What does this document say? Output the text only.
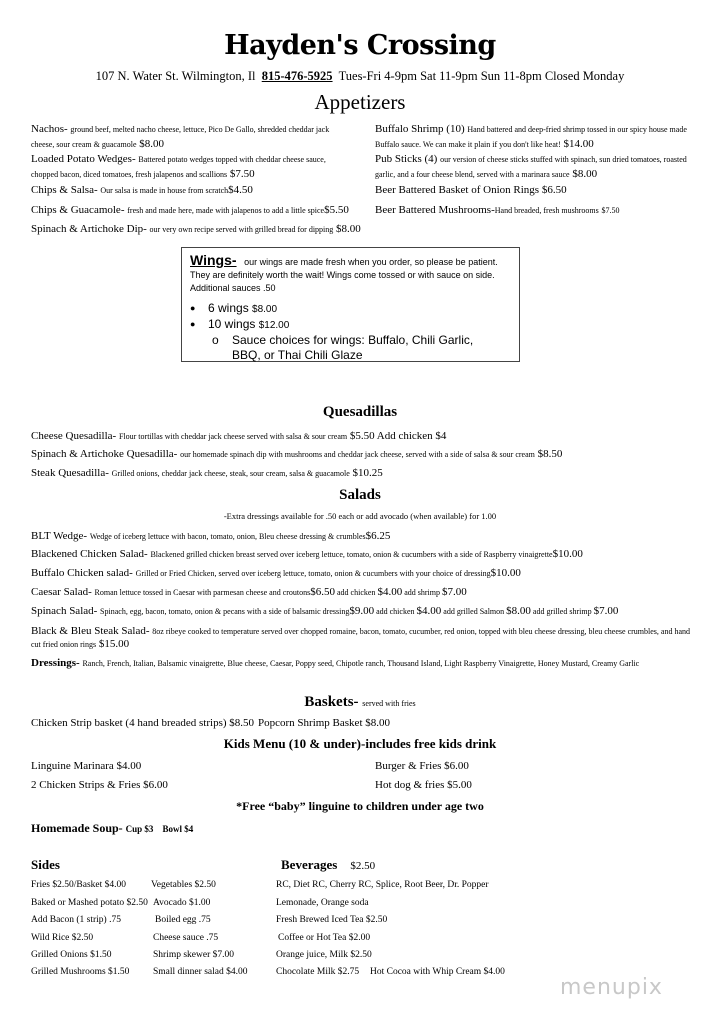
Hayden's Crossing
107 N. Water St. Wilmington, Il 815-476-5925 Tues-Fri 4-9pm Sat 11-9pm Sun 11-8pm Closed Monday
Appetizers
Nachos- ground beef, melted nacho cheese, lettuce, Pico De Gallo, shredded cheddar jack cheese, sour cream & guacamole $8.00
Loaded Potato Wedges- Battered potato wedges topped with cheddar cheese sauce, chopped bacon, diced tomatoes, fresh jalapenos and scallions $7.50
Chips & Salsa- Our salsa is made in house from scratch$4.50
Chips & Guacamole- fresh and made here, made with jalapenos to add a little spice$5.50
Spinach & Artichoke Dip- our very own recipe served with grilled bread for dipping $8.00
Buffalo Shrimp (10) Hand battered and deep-fried shrimp tossed in our spicy house made Buffalo sauce. We can make it plain if you don't like heat! $14.00
Pub Sticks (4) our version of cheese sticks stuffed with spinach, sun dried tomatoes, roasted garlic, and a four cheese blend, served with a marinara sauce $8.00
Beer Battered Basket of Onion Rings $6.50
Beer Battered Mushrooms-Hand breaded, fresh mushrooms $7.50
Wings- our wings are made fresh when you order, so please be patient. They are definitely worth the wait! Wings come tossed or with sauce on side. Additional sauces .50
● 6 wings $8.00
● 10 wings $12.00
o Sauce choices for wings: Buffalo, Chili Garlic, BBQ, or Thai Chili Glaze
Quesadillas
Cheese Quesadilla- Flour tortillas with cheddar jack cheese served with salsa & sour cream $5.50 Add chicken $4
Spinach & Artichoke Quesadilla- our homemade spinach dip with mushrooms and cheddar jack cheese, served with a side of salsa & sour cream $8.50
Steak Quesadilla- Grilled onions, cheddar jack cheese, steak, sour cream, salsa & guacamole $10.25
Salads
-Extra dressings available for .50 each or add avocado (when available) for 1.00
BLT Wedge- Wedge of iceberg lettuce with bacon, tomato, onion, Bleu cheese dressing & crumbles$6.25
Blackened Chicken Salad- Blackened grilled chicken breast served over iceberg lettuce, tomato, onion & cucumbers with a side of Raspberry vinaigrette$10.00
Buffalo Chicken salad- Grilled or Fried Chicken, served over iceberg lettuce, tomato, onion & cucumbers with your choice of dressing$10.00
Caesar Salad- Roman lettuce tossed in Caesar with parmesan cheese and croutons$6.50 add chicken $4.00 add shrimp $7.00
Spinach Salad- Spinach, egg, bacon, tomato, onion & pecans with a side of balsamic dressing$9.00 add chicken $4.00 add grilled Salmon $8.00 add grilled shrimp $7.00
Black & Bleu Steak Salad- 8oz ribeye cooked to temperature served over chopped romaine, bacon, tomato, cucumber, red onion, topped with bleu cheese dressing, bleu cheese crumbles, and hand cut fried onion rings $15.00
Dressings- Ranch, French, Italian, Balsamic vinaigrette, Blue cheese, Caesar, Poppy seed, Chipotle ranch, Thousand Island, Light Raspberry Vinaigrette, Honey Mustard, Creamy Garlic
Baskets- served with fries
Chicken Strip basket (4 hand breaded strips) $8.50 Popcorn Shrimp Basket $8.00
Kids Menu (10 & under)-includes free kids drink
Linguine Marinara $4.00
2 Chicken Strips & Fries $6.00
Burger & Fries $6.00
Hot dog & fries $5.00
*Free “baby” linguine to children under age two
Homemade Soup- Cup $3 Bowl $4
Sides
Fries $2.50/Basket $4.00
Baked or Mashed potato $2.50
Add Bacon (1 strip) .75
Wild Rice $2.50
Grilled Onions $1.50
Grilled Mushrooms $1.50
Vegetables $2.50
Avocado $1.00
Boiled egg .75
Cheese sauce .75
Shrimp skewer $7.00
Small dinner salad $4.00
Beverages $2.50
RC, Diet RC, Cherry RC, Splice, Root Beer, Dr. Popper
Lemonade, Orange soda
Fresh Brewed Iced Tea $2.50
Coffee or Hot Tea $2.00
Orange juice, Milk $2.50
Chocolate Milk $2.75 Hot Cocoa with Whip Cream $4.00
menupix
